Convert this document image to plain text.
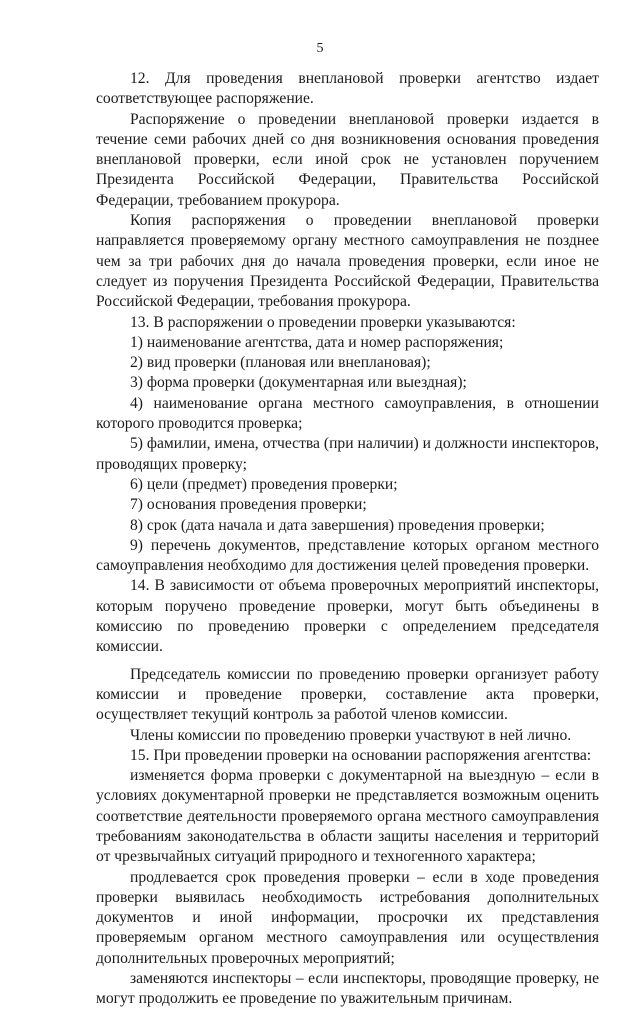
5

12. Для проведения внеплановой проверки агентство издает соответствующее распоряжение.

Распоряжение о проведении внеплановой проверки издается в течение семи рабочих дней со дня возникновения основания проведения внеплановой проверки, если иной срок не установлен поручением Президента Российской Федерации, Правительства Российской Федерации, требованием прокурора.

Копия распоряжения о проведении внеплановой проверки направляется проверяемому органу местного самоуправления не позднее чем за три рабочих дня до начала проведения проверки, если иное не следует из поручения Президента Российской Федерации, Правительства Российской Федерации, требования прокурора.

13. В распоряжении о проведении проверки указываются:

1) наименование агентства, дата и номер распоряжения;

2) вид проверки (плановая или внеплановая);

3) форма проверки (документарная или выездная);

4) наименование органа местного самоуправления, в отношении которого проводится проверка;

5) фамилии, имена, отчества (при наличии) и должности инспекторов, проводящих проверку;

6) цели (предмет) проведения проверки;

7) основания проведения проверки;

8) срок (дата начала и дата завершения) проведения проверки;

9) перечень документов, представление которых органом местного самоуправления необходимо для достижения целей проведения проверки.

14. В зависимости от объема проверочных мероприятий инспекторы, которым поручено проведение проверки, могут быть объединены в комиссию по проведению проверки с определением председателя комиссии.

Председатель комиссии по проведению проверки организует работу комиссии и проведение проверки, составление акта проверки, осуществляет текущий контроль за работой членов комиссии.

Члены комиссии по проведению проверки участвуют в ней лично.

15. При проведении проверки на основании распоряжения агентства:

изменяется форма проверки с документарной на выездную – если в условиях документарной проверки не представляется возможным оценить соответствие деятельности проверяемого органа местного самоуправления требованиям законодательства в области защиты населения и территорий от чрезвычайных ситуаций природного и техногенного характера;

продлевается срок проведения проверки – если в ходе проведения проверки выявилась необходимость истребования дополнительных документов и иной информации, просрочки их представления проверяемым органом местного самоуправления или осуществления дополнительных проверочных мероприятий;

заменяются инспекторы – если инспекторы, проводящие проверку, не могут продолжить ее проведение по уважительным причинам.
